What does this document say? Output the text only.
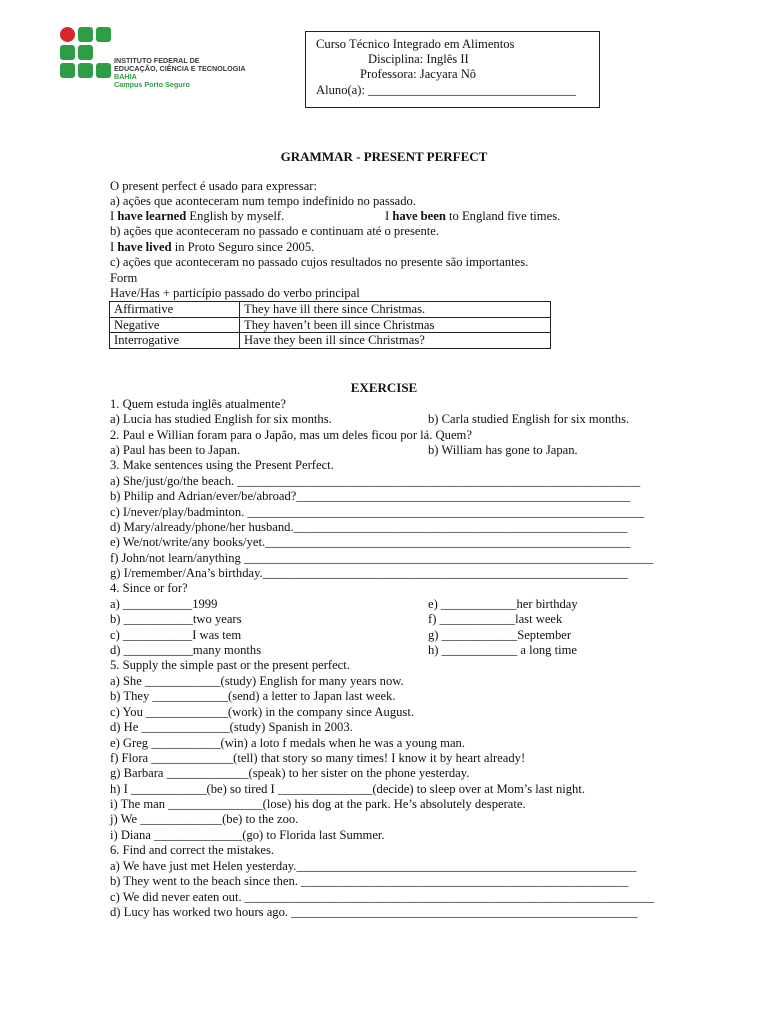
INSTITUTO FEDERAL DE
EDUCAÇÃO, CIÊNCIA E TECNOLOGIA
BAHIA
Campus Porto Seguro
Curso Técnico Integrado em Alimentos
Disciplina: Inglês II
Professora: Jacyara Nô
Aluno(a): _________________________________
GRAMMAR - PRESENT PERFECT
O present perfect é usado para expressar:
a) ações que aconteceram num tempo indefinido no passado.
I have learned English by myself.	I have been to England five times.
b) ações que aconteceram no passado e continuam até o presente.
I have lived in Proto Seguro since 2005.
c) ações que aconteceram no passado cujos resultados no presente são importantes.
Form
Have/Has + particípio passado do verbo principal
Affirmative	They have ill there since Christmas.
Negative	They haven’t been ill since Christmas
Interrogative	Have they been ill since Christmas?
EXERCISE
1. Quem estuda inglês atualmente?
a) Lucia has studied English for six months.	b) Carla studied English for six months.
2. Paul e Willian foram para o Japão, mas um deles ficou por lá. Quem?
a) Paul has been to Japan.	b) William has gone to Japan.
3. Make sentences using the Present Perfect.
a) She/just/go/the beach. ________________________________________________________________
b) Philip and Adrian/ever/be/abroad?_____________________________________________________
c) I/never/play/badminton. _______________________________________________________________
d) Mary/already/phone/her husband._____________________________________________________
e) We/not/write/any books/yet.__________________________________________________________
f) John/not learn/anything _________________________________________________________________
g) I/remember/Ana’s birthday.__________________________________________________________
4. Since or for?
a) ___________1999	e) ____________her birthday
b) ___________two years	f) ____________last week
c) ___________I was tem	g) ____________September
d) ___________many months	h) ____________ a long time
5. Supply the simple past or the present perfect.
a) She ____________(study) English for many years now.
b) They ____________(send) a letter to Japan last week.
c) You _____________(work) in the company since August.
d) He ______________(study) Spanish in 2003.
e) Greg ___________(win) a loto f medals when he was a young man.
f) Flora _____________(tell) that story so many times! I know it by heart already!
g) Barbara _____________(speak) to her sister on the phone yesterday.
h) I ____________(be) so tired I _______________(decide) to sleep over at Mom’s last night.
i) The man _______________(lose) his dog at the park. He’s absolutely desperate.
j) We _____________(be) to the zoo.
i) Diana ______________(go) to Florida last Summer.
6. Find and correct the mistakes.
a) We have just met Helen yesterday.______________________________________________________
b) They went to the beach since then. ____________________________________________________
c) We did never eaten out. _________________________________________________________________
d) Lucy has worked two hours ago. _______________________________________________________
